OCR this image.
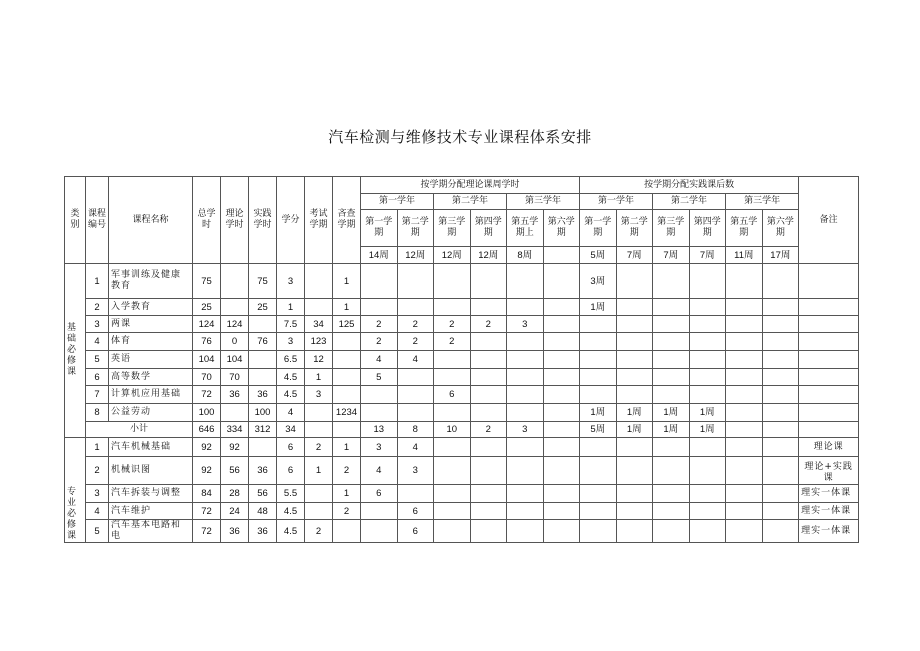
汽车检测与维修技术专业课程体系安排
类别	课程编号	课程名称	总学时	理论学时	实践学时	学分	考试学期	吝查学期	按学期分配理论课周学时						按学期分配实践课后数						备注
									第一学年		第二学年		第三学年		第一学年		第二学年		第三学年		
									第一学期	第二学期	第三学期	第四学期	第五学期上	第六学期	第一学期	第二学期	第三学期	第四学期	第五学期	第六学期	
									14周	12周	12周	12周	8周		5周	7周	7周	7周	11周	17周	
基础必修课	1	军事训练及健康教育	75		75	3		1							3周						
	2	入学教育	25		25	1		1							1周						
	3	两课	124	124		7.5	34	125	2	2	2	2	3								
	4	体育	76	0	76	3	123		2	2	2										
	5	英语	104	104		6.5	12		4	4											
	6	高等数学	70	70		4.5	1		5												
	7	计算机应用基础	72	36	36	4.5	3				6										
	8	公益劳动	100		100	4		1234							1周	1周	1周	1周			
	小计		646	334	312	34			13	8	10	2	3		5周	1周	1周	1周			
专业必修课	1	汽车机械基础	92	92		6	2	1	3	4											理论课
	2	机械识图	92	56	36	6	1	2	4	3											理论+实践课
	3	汽车拆装与调整	84	28	56	5.5		1	6												理实一体课
	4	汽车维护	72	24	48	4.5		2		6											理实一体课
	5	汽车基本电路和电	72	36	36	4.5	2			6											理实一体课
